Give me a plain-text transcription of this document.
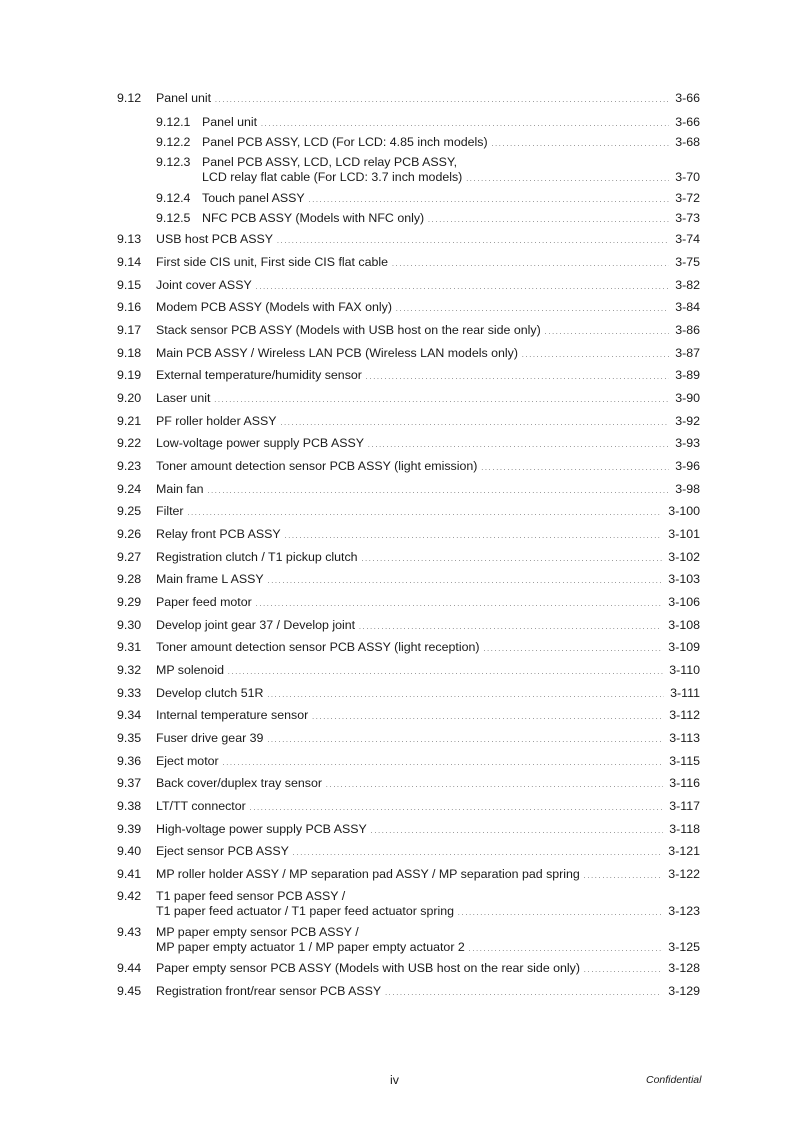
9.12 Panel unit . . .	3-66
9.12.1 Panel unit . . .	3-66
9.12.2 Panel PCB ASSY, LCD (For LCD: 4.85 inch models) . . .	3-68
9.12.3 Panel PCB ASSY, LCD, LCD relay PCB ASSY,
LCD relay flat cable (For LCD: 3.7 inch models) . . .	3-70
9.12.4 Touch panel ASSY . . .	3-72
9.12.5 NFC PCB ASSY (Models with NFC only) . . .	3-73
9.13 USB host PCB ASSY . . .	3-74
9.14 First side CIS unit, First side CIS flat cable . . .	3-75
9.15 Joint cover ASSY . . .	3-82
9.16 Modem PCB ASSY (Models with FAX only) . . .	3-84
9.17 Stack sensor PCB ASSY (Models with USB host on the rear side only) . . .	3-86
9.18 Main PCB ASSY / Wireless LAN PCB (Wireless LAN models only) . . .	3-87
9.19 External temperature/humidity sensor . . .	3-89
9.20 Laser unit . . .	3-90
9.21 PF roller holder ASSY . . .	3-92
9.22 Low-voltage power supply PCB ASSY . . .	3-93
9.23 Toner amount detection sensor PCB ASSY (light emission) . . .	3-96
9.24 Main fan . . .	3-98
9.25 Filter . . .	3-100
9.26 Relay front PCB ASSY . . .	3-101
9.27 Registration clutch / T1 pickup clutch . . .	3-102
9.28 Main frame L ASSY . . .	3-103
9.29 Paper feed motor . . .	3-106
9.30 Develop joint gear 37 / Develop joint . . .	3-108
9.31 Toner amount detection sensor PCB ASSY (light reception) . . .	3-109
9.32 MP solenoid . . .	3-110
9.33 Develop clutch 51R . . .	3-111
9.34 Internal temperature sensor . . .	3-112
9.35 Fuser drive gear 39 . . .	3-113
9.36 Eject motor . . .	3-115
9.37 Back cover/duplex tray sensor . . .	3-116
9.38 LT/TT connector . . .	3-117
9.39 High-voltage power supply PCB ASSY . . .	3-118
9.40 Eject sensor PCB ASSY . . .	3-121
9.41 MP roller holder ASSY / MP separation pad ASSY / MP separation pad spring . . .	3-122
9.42 T1 paper feed sensor PCB ASSY /
T1 paper feed actuator / T1 paper feed actuator spring . . .	3-123
9.43 MP paper empty sensor PCB ASSY /
MP paper empty actuator 1 / MP paper empty actuator 2 . . .	3-125
9.44 Paper empty sensor PCB ASSY (Models with USB host on the rear side only) . . .	3-128
9.45 Registration front/rear sensor PCB ASSY . . .	3-129
iv	Confidential
